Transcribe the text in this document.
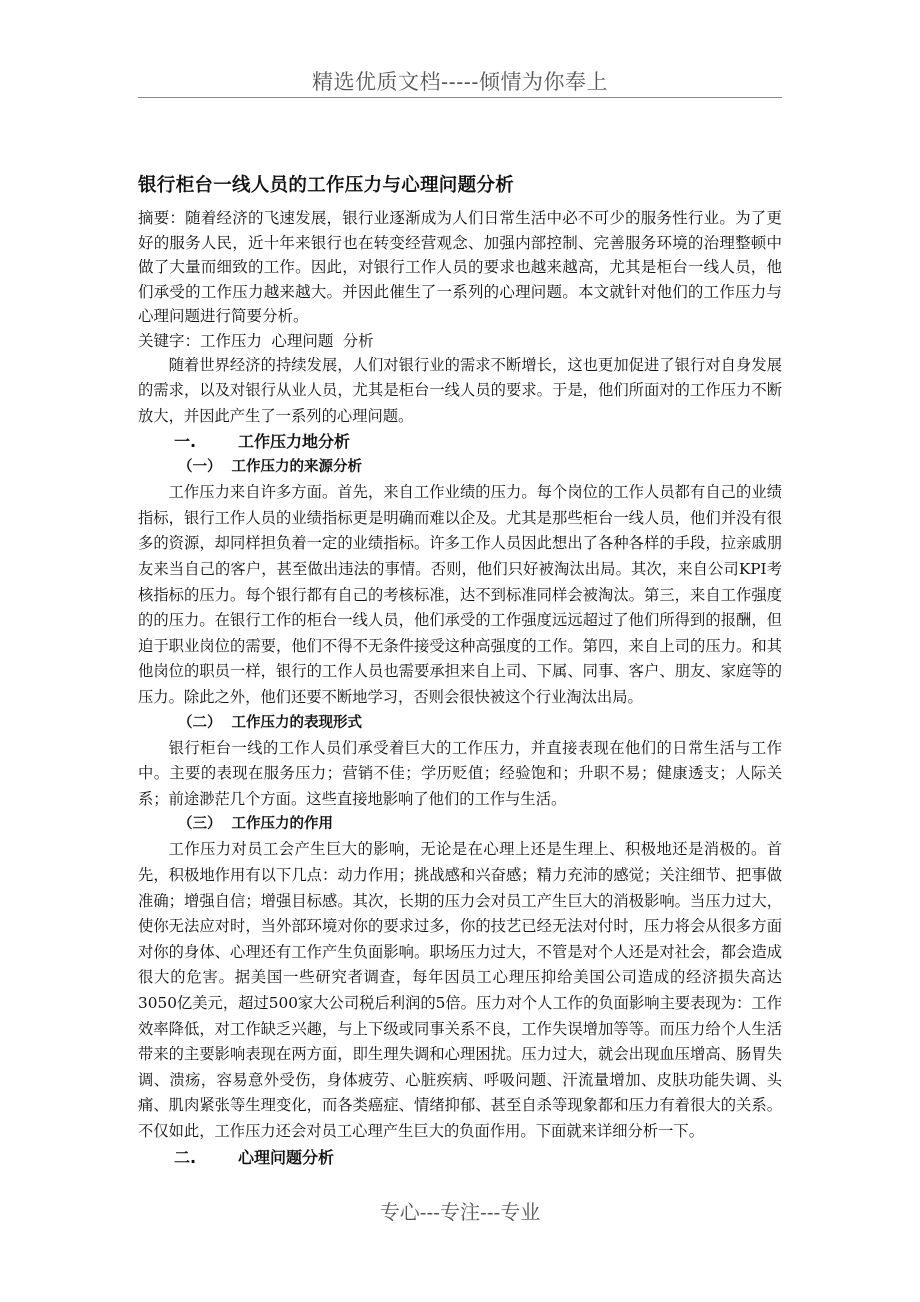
精选优质文档-----倾情为你奉上
银行柜台一线人员的工作压力与心理问题分析

摘要：随着经济的飞速发展，银行业逐渐成为人们日常生活中必不可少的服务性行业。为了更好的服务人民，近十年来银行也在转变经营观念、加强内部控制、完善服务环境的治理整顿中做了大量而细致的工作。因此，对银行工作人员的要求也越来越高，尤其是柜台一线人员，他们承受的工作压力越来越大。并因此催生了一系列的心理问题。本文就针对他们的工作压力与心理问题进行简要分析。

关键字：工作压力 心理问题 分析

随着世界经济的持续发展，人们对银行业的需求不断增长，这也更加促进了银行对自身发展的需求，以及对银行从业人员，尤其是柜台一线人员的要求。于是，他们所面对的工作压力不断放大，并因此产生了一系列的心理问题。

一.	工作压力地分析
（一） 工作压力的来源分析

工作压力来自许多方面。首先，来自工作业绩的压力。每个岗位的工作人员都有自己的业绩指标，银行工作人员的业绩指标更是明确而难以企及。尤其是那些柜台一线人员，他们并没有很多的资源，却同样担负着一定的业绩指标。许多工作人员因此想出了各种各样的手段，拉亲戚朋友来当自己的客户，甚至做出违法的事情。否则，他们只好被淘汰出局。其次，来自公司KPI考核指标的压力。每个银行都有自己的考核标准，达不到标准同样会被淘汰。第三，来自工作强度的的压力。在银行工作的柜台一线人员，他们承受的工作强度远远超过了他们所得到的报酬，但迫于职业岗位的需要，他们不得不无条件接受这种高强度的工作。第四，来自上司的压力。和其他岗位的职员一样，银行的工作人员也需要承担来自上司、下属、同事、客户、朋友、家庭等的压力。除此之外，他们还要不断地学习，否则会很快被这个行业淘汰出局。

（二） 工作压力的表现形式

银行柜台一线的工作人员们承受着巨大的工作压力，并直接表现在他们的日常生活与工作中。主要的表现在服务压力；营销不佳；学历贬值；经验饱和；升职不易；健康透支；人际关系；前途渺茫几个方面。这些直接地影响了他们的工作与生活。

（三） 工作压力的作用

工作压力对员工会产生巨大的影响，无论是在心理上还是生理上、积极地还是消极的。首先，积极地作用有以下几点：动力作用；挑战感和兴奋感；精力充沛的感觉；关注细节、把事做准确；增强自信；增强目标感。其次，长期的压力会对员工产生巨大的消极影响。当压力过大，使你无法应对时，当外部环境对你的要求过多，你的技艺已经无法对付时，压力将会从很多方面对你的身体、心理还有工作产生负面影响。职场压力过大，不管是对个人还是对社会，都会造成很大的危害。据美国一些研究者调查，每年因员工心理压抑给美国公司造成的经济损失高达3050亿美元，超过500家大公司税后利润的5倍。压力对个人工作的负面影响主要表现为：工作效率降低，对工作缺乏兴趣，与上下级或同事关系不良，工作失误增加等等。而压力给个人生活带来的主要影响表现在两方面，即生理失调和心理困扰。压力过大，就会出现血压增高、肠胃失调、溃疡，容易意外受伤，身体疲劳、心脏疾病、呼吸问题、汗流量增加、皮肤功能失调、头痛、肌肉紧张等生理变化，而各类癌症、情绪抑郁、甚至自杀等现象都和压力有着很大的关系。不仅如此，工作压力还会对员工心理产生巨大的负面作用。下面就来详细分析一下。

二.	心理问题分析
专心---专注---专业
